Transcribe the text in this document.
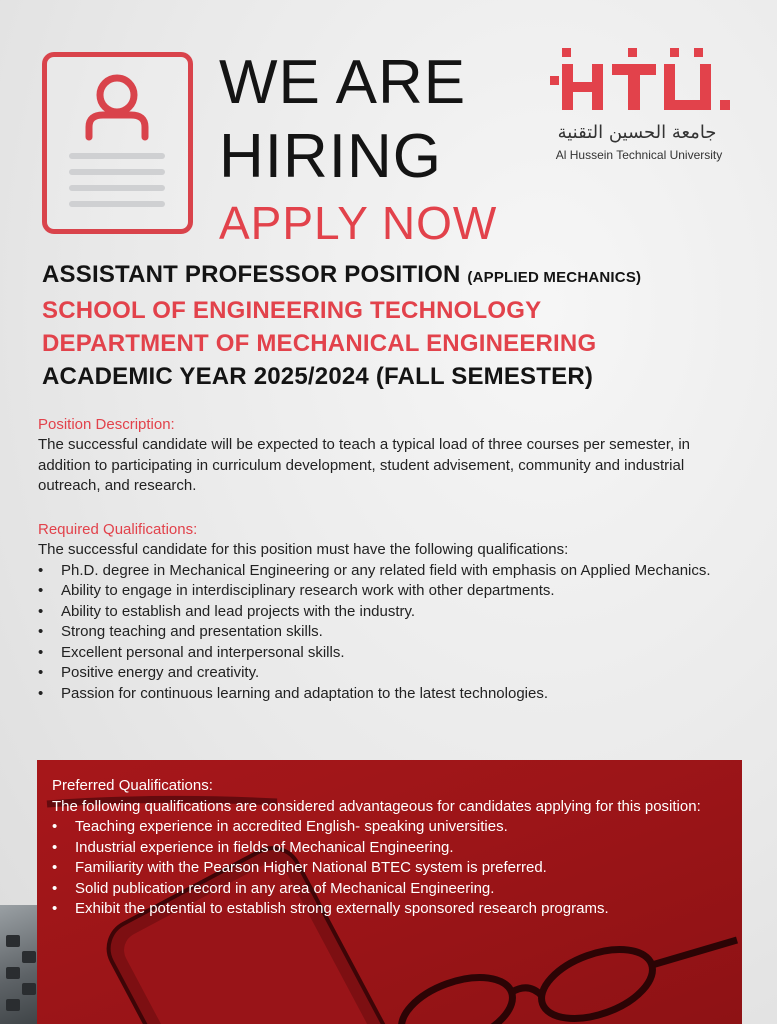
WE ARE
HIRING
APPLY NOW
HTU.
جامعة الحسين التقنية
Al Hussein Technical University
ASSISTANT PROFESSOR POSITION (APPLIED MECHANICS)
SCHOOL OF ENGINEERING TECHNOLOGY
DEPARTMENT OF MECHANICAL ENGINEERING
ACADEMIC YEAR 2025/2024 (FALL SEMESTER)
Position Description:

The successful candidate will be expected to teach a typical load of three courses per semester, in addition to participating in curriculum development, student advisement, community and industrial outreach, and research.

Required Qualifications:

The successful candidate for this position must have the following qualifications:

• Ph.D. degree in Mechanical Engineering or any related field with emphasis on Applied Mechanics.
• Ability to engage in interdisciplinary research work with other departments.
• Ability to establish and lead projects with the industry.
• Strong teaching and presentation skills.
• Excellent personal and interpersonal skills.
• Positive energy and creativity.
• Passion for continuous learning and adaptation to the latest technologies.
Preferred Qualifications:

The following qualifications are considered advantageous for candidates applying for this position:

• Teaching experience in accredited English- speaking universities.
• Industrial experience in fields of Mechanical Engineering.
• Familiarity with the Pearson Higher National BTEC system is preferred.
• Solid publication record in any area of Mechanical Engineering.
• Exhibit the potential to establish strong externally sponsored research programs.
